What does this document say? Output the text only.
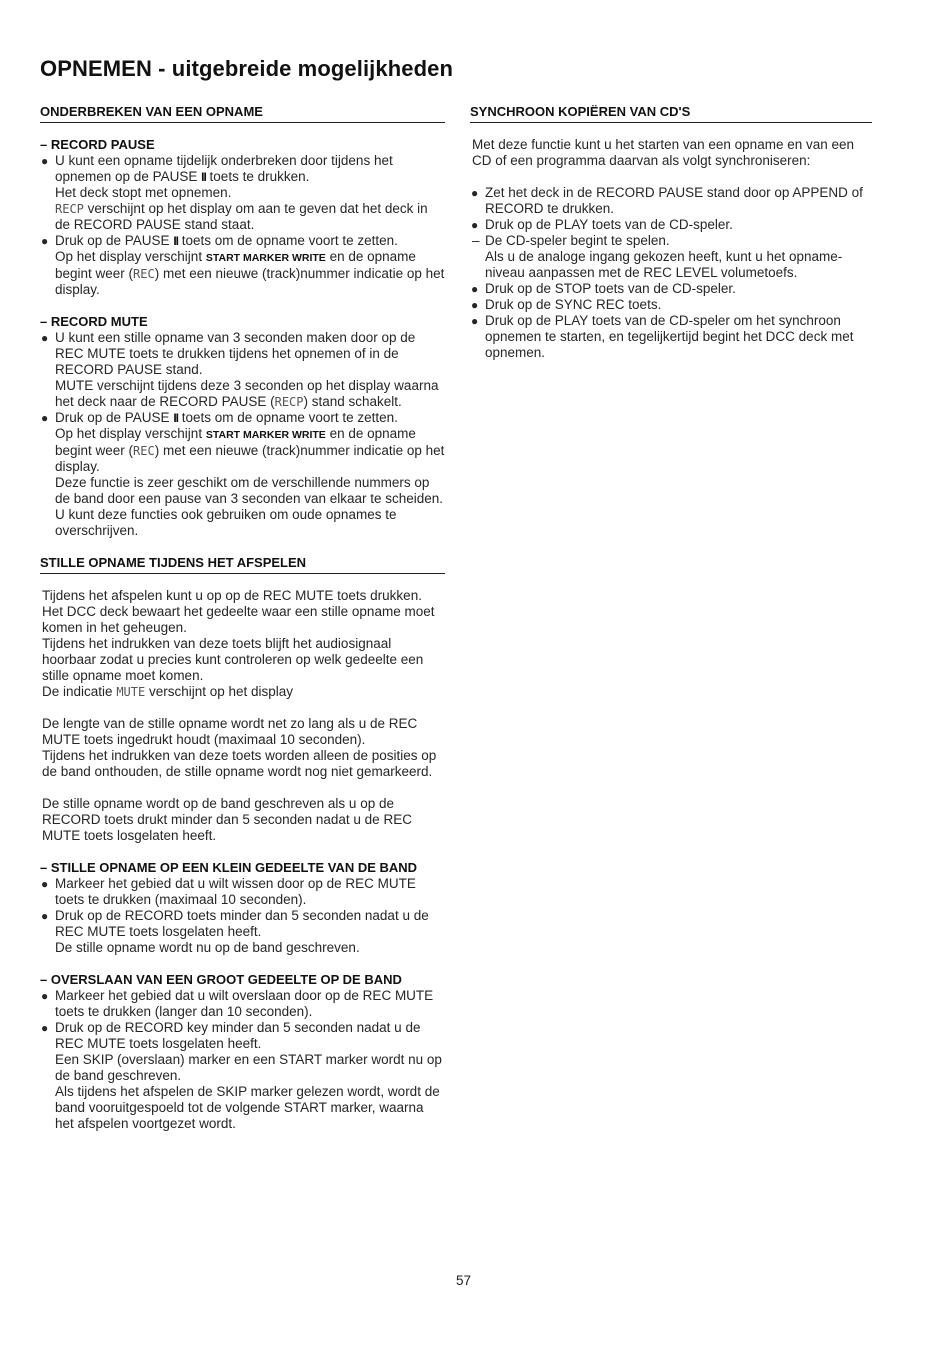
OPNEMEN - uitgebreide mogelijkheden
ONDERBREKEN VAN EEN OPNAME
– RECORD PAUSE
● U kunt een opname tijdelijk onderbreken door tijdens het opnemen op de PAUSE II toets te drukken.
Het deck stopt met opnemen.
RECP verschijnt op het display om aan te geven dat het deck in de RECORD PAUSE stand staat.
● Druk op de PAUSE II toets om de opname voort te zetten.
Op het display verschijnt START MARKER WRITE en de opname begint weer (REC) met een nieuwe (track)nummer indicatie op het display.
– RECORD MUTE
● U kunt een stille opname van 3 seconden maken door op de REC MUTE toets te drukken tijdens het opnemen of in de RECORD PAUSE stand.
MUTE verschijnt tijdens deze 3 seconden op het display waarna het deck naar de RECORD PAUSE (RECP) stand schakelt.
● Druk op de PAUSE II toets om de opname voort te zetten.
Op het display verschijnt START MARKER WRITE en de opname begint weer (REC) met een nieuwe (track)nummer indicatie op het display.
Deze functie is zeer geschikt om de verschillende nummers op de band door een pause van 3 seconden van elkaar te scheiden.
U kunt deze functies ook gebruiken om oude opnames te overschrijven.
STILLE OPNAME TIJDENS HET AFSPELEN

Tijdens het afspelen kunt u op op de REC MUTE toets drukken. Het DCC deck bewaart het gedeelte waar een stille opname moet komen in het geheugen.
Tijdens het indrukken van deze toets blijft het audiosignaal hoorbaar zodat u precies kunt controleren op welk gedeelte een stille opname moet komen.
De indicatie MUTE verschijnt op het display

De lengte van de stille opname wordt net zo lang als u de REC MUTE toets ingedrukt houdt (maximaal 10 seconden).
Tijdens het indrukken van deze toets worden alleen de posities op de band onthouden, de stille opname wordt nog niet gemarkeerd.

De stille opname wordt op de band geschreven als u op de RECORD toets drukt minder dan 5 seconden nadat u de REC MUTE toets losgelaten heeft.

– STILLE OPNAME OP EEN KLEIN GEDEELTE VAN DE BAND
● Markeer het gebied dat u wilt wissen door op de REC MUTE toets te drukken (maximaal 10 seconden).
● Druk op de RECORD toets minder dan 5 seconden nadat u de REC MUTE toets losgelaten heeft.
De stille opname wordt nu op de band geschreven.
– OVERSLAAN VAN EEN GROOT GEDEELTE OP DE BAND
● Markeer het gebied dat u wilt overslaan door op de REC MUTE toets te drukken (langer dan 10 seconden).
● Druk op de RECORD key minder dan 5 seconden nadat u de REC MUTE toets losgelaten heeft.
Een SKIP (overslaan) marker en een START marker wordt nu op de band geschreven.
Als tijdens het afspelen de SKIP marker gelezen wordt, wordt de band vooruitgespoeld tot de volgende START marker, waarna het afspelen voortgezet wordt.
SYNCHROON KOPIËREN VAN CD'S

Met deze functie kunt u het starten van een opname en van een CD of een programma daarvan als volgt synchroniseren:

● Zet het deck in de RECORD PAUSE stand door op APPEND of RECORD te drukken.
● Druk op de PLAY toets van de CD-speler.
– De CD-speler begint te spelen.
Als u de analoge ingang gekozen heeft, kunt u het opname-niveau aanpassen met de REC LEVEL volumetoefs.
● Druk op de STOP toets van de CD-speler.
● Druk op de SYNC REC toets.
● Druk op de PLAY toets van de CD-speler om het synchroon opnemen te starten, en tegelijkertijd begint het DCC deck met opnemen.
57
